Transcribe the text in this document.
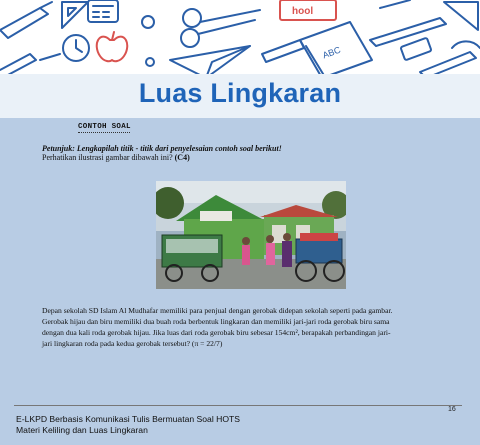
ABC
hool
Luas Lingkaran
CONTOH SOAL
Petunjuk: Lengkapilah titik - titik dari penyelesaian contoh soal berikut!
Perhatikan ilustrasi gambar dibawah ini? (C4)

Depan sekolah SD Islam Al Mudhafar memiliki para penjual dengan gerobak didepan sekolah seperti pada gambar.

Gerobak hijau dan biru memiliki dua buah roda berbentuk lingkaran dan memiliki jari-jari roda gerobak biru sama

dengan dua kali roda gerobak hijau. Jika luas dari roda gerobak biru sebesar 154cm², berapakah perbandingan jari-

jari lingkaran roda pada kedua gerobak tersebut? (π = 22/7)

16
E-LKPD Berbasis Komunikasi Tulis Bermuatan Soal HOTS
Materi Keliling dan Luas Lingkaran
